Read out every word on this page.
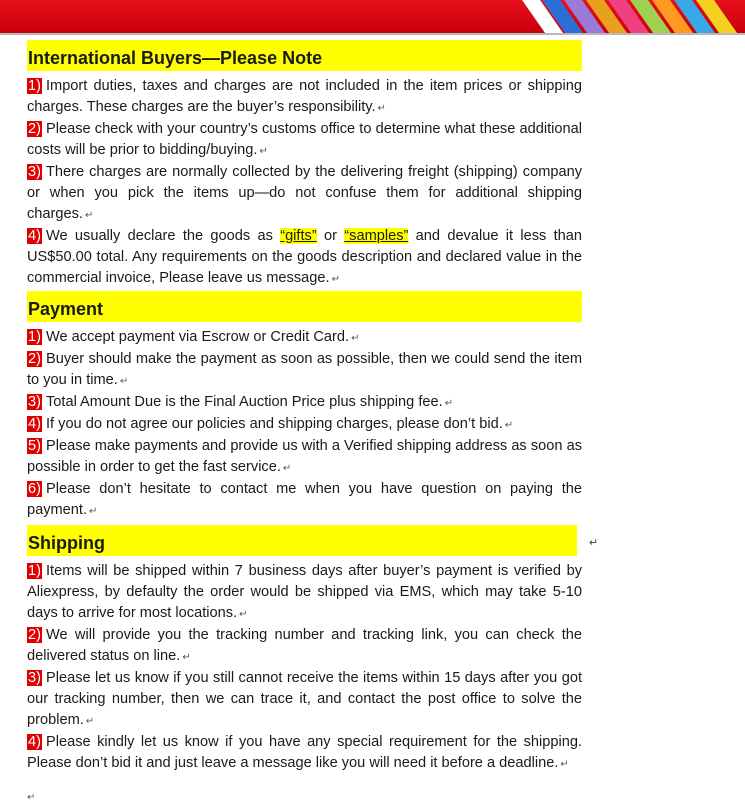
International Buyers—Please Note
1) Import duties, taxes and charges are not included in the item prices or shipping charges. These charges are the buyer’s responsibility. ↵
2) Please check with your country’s customs office to determine what these additional costs will be prior to bidding/buying. ↵
3) There charges are normally collected by the delivering freight (shipping) company or when you pick the items up—do not confuse them for additional shipping charges. ↵
4) We usually declare the goods as “gifts” or “samples” and devalue it less than US$50.00 total. Any requirements on the goods description and declared value in the commercial invoice, Please leave us message. ↵
Payment
1) We accept payment via Escrow or Credit Card. ↵
2) Buyer should make the payment as soon as possible, then we could send the item to you in time. ↵
3) Total Amount Due is the Final Auction Price plus shipping fee. ↵
4) If you do not agree our policies and shipping charges, please don’t bid. ↵
5) Please make payments and provide us with a Verified shipping address as soon as possible in order to get the fast service. ↵
6) Please don’t hesitate to contact me when you have question on paying the payment. ↵
Shipping	↵
1) Items will be shipped within 7 business days after buyer’s payment is verified by Aliexpress, by defaulty the order would be shipped via EMS, which may take 5-10 days to arrive for most locations. ↵
2) We will provide you the tracking number and tracking link, you can check the delivered status on line. ↵
3) Please let us know if you still cannot receive the items within 15 days after you got our tracking number, then we can trace it, and contact the post office to solve the problem. ↵
4) Please kindly let us know if you have any special requirement for the shipping. Please don’t bid it and just leave a message like you will need it before a deadline. ↵
↵
